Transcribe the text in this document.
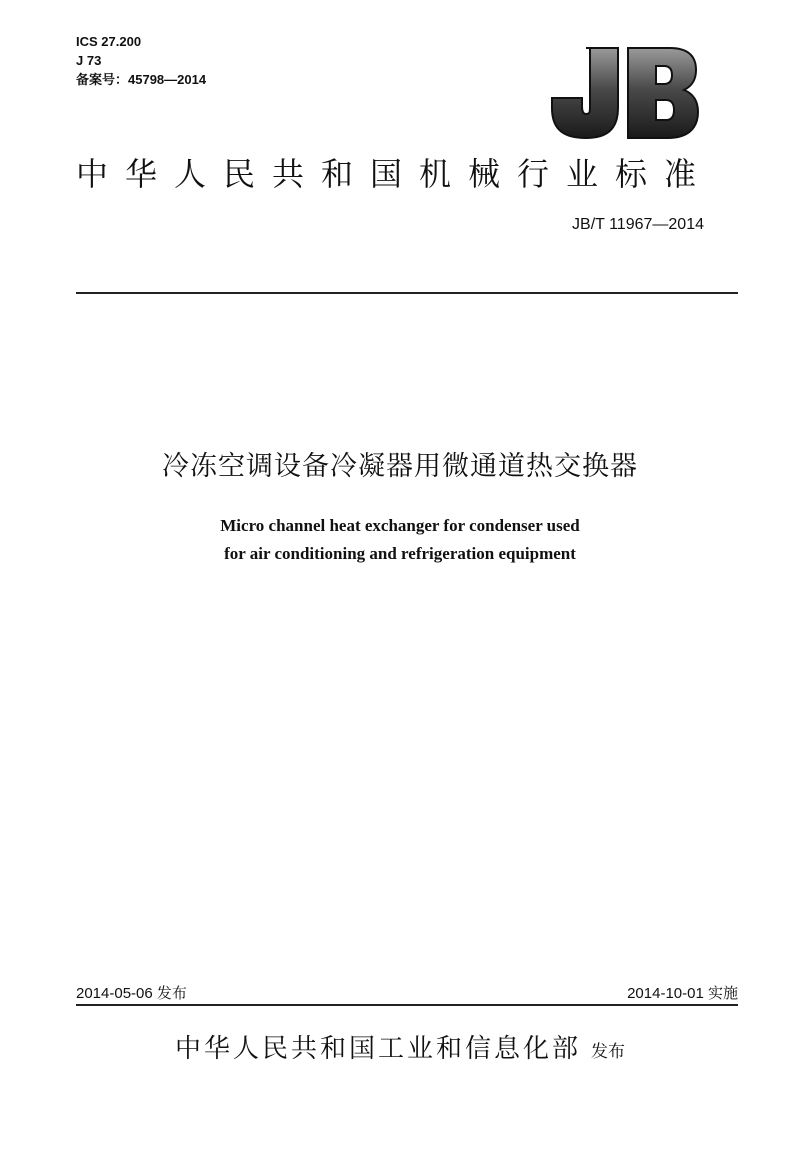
ICS 27.200
J 73
备案号：45798—2014
中华人民共和国机械行业标准
JB/T 11967—2014
冷冻空调设备冷凝器用微通道热交换器
Micro channel heat exchanger for condenser used
for air conditioning and refrigeration equipment
2014-05-06 发布	2014-10-01 实施
中华人民共和国工业和信息化部 发布
